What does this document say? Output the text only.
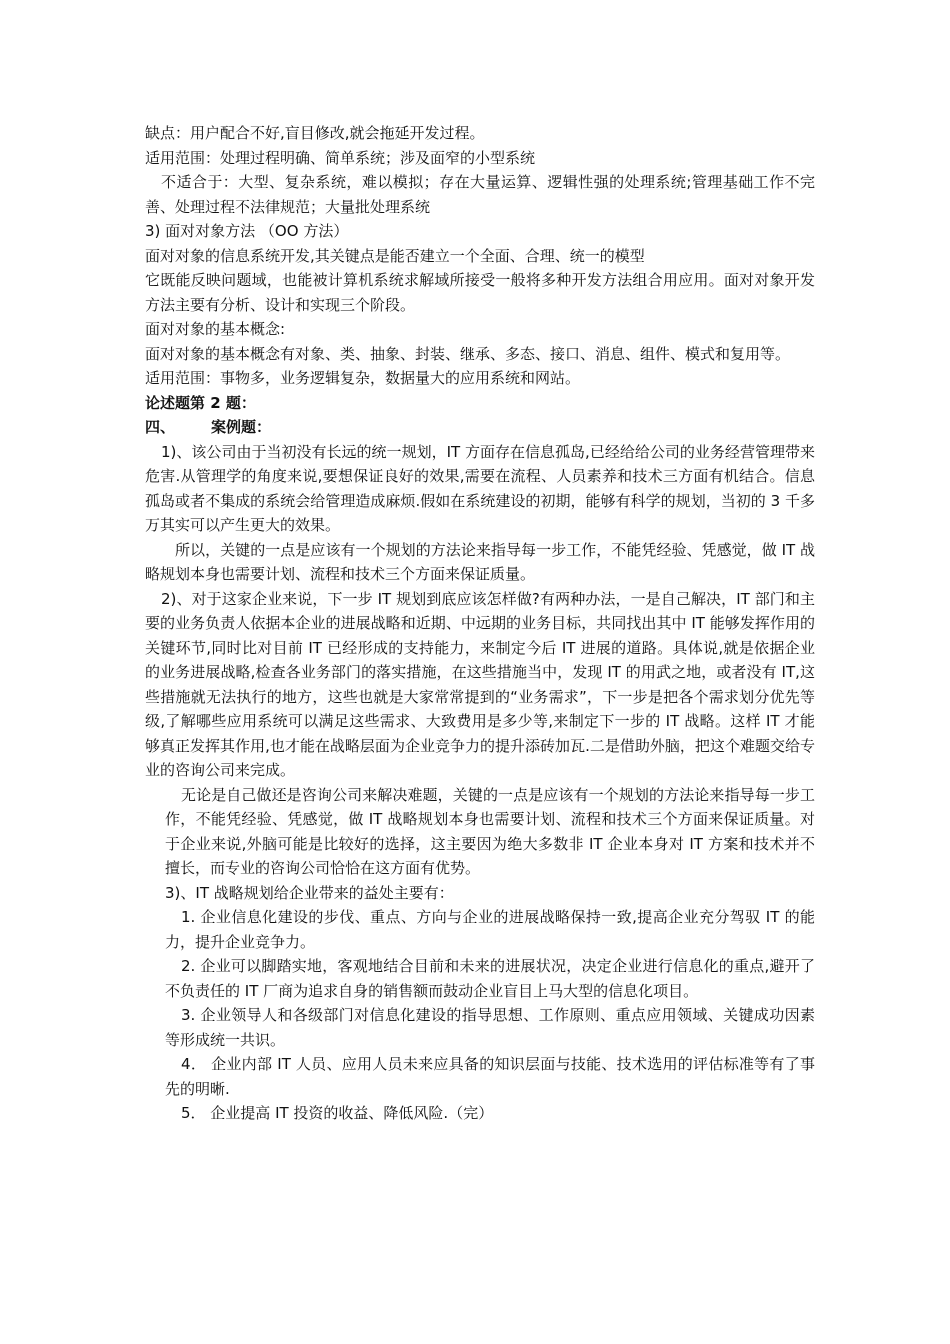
缺点：用户配合不好,盲目修改,就会拖延开发过程。

适用范围：处理过程明确、简单系统；涉及面窄的小型系统

不适合于：大型、复杂系统，难以模拟；存在大量运算、逻辑性强的处理系统;管理基础工作不完善、处理过程不法律规范；大量批处理系统

3) 面对对象方法 （OO 方法）

面对对象的信息系统开发,其关键点是能否建立一个全面、合理、统一的模型

它既能反映问题域，也能被计算机系统求解域所接受一般将多种开发方法组合用应用。面对对象开发方法主要有分析、设计和实现三个阶段。

面对对象的基本概念:

面对对象的基本概念有对象、类、抽象、封装、继承、多态、接口、消息、组件、模式和复用等。

适用范围：事物多，业务逻辑复杂，数据量大的应用系统和网站。

论述题第 2 题：

四、	案例题：

1)、该公司由于当初没有长远的统一规划，IT 方面存在信息孤岛,已经给给公司的业务经营管理带来危害.从管理学的角度来说,要想保证良好的效果,需要在流程、人员素养和技术三方面有机结合。信息孤岛或者不集成的系统会给管理造成麻烦.假如在系统建设的初期，能够有科学的规划，当初的 3 千多万其实可以产生更大的效果。

所以，关键的一点是应该有一个规划的方法论来指导每一步工作，不能凭经验、凭感觉，做 IT 战略规划本身也需要计划、流程和技术三个方面来保证质量。

2)、对于这家企业来说，下一步 IT 规划到底应该怎样做?有两种办法，一是自己解决，IT 部门和主要的业务负责人依据本企业的进展战略和近期、中远期的业务目标，共同找出其中 IT 能够发挥作用的关键环节,同时比对目前 IT 已经形成的支持能力，来制定今后 IT 进展的道路。具体说,就是依据企业的业务进展战略,检查各业务部门的落实措施，在这些措施当中，发现 IT 的用武之地，或者没有 IT,这些措施就无法执行的地方，这些也就是大家常常提到的“业务需求”，下一步是把各个需求划分优先等级,了解哪些应用系统可以满足这些需求、大致费用是多少等,来制定下一步的 IT 战略。这样 IT 才能够真正发挥其作用,也才能在战略层面为企业竞争力的提升添砖加瓦.二是借助外脑，把这个难题交给专业的咨询公司来完成。

无论是自己做还是咨询公司来解决难题，关键的一点是应该有一个规划的方法论来指导每一步工作，不能凭经验、凭感觉，做 IT 战略规划本身也需要计划、流程和技术三个方面来保证质量。对于企业来说,外脑可能是比较好的选择，这主要因为绝大多数非 IT 企业本身对 IT 方案和技术并不擅长，而专业的咨询公司恰恰在这方面有优势。

3)、IT 战略规划给企业带来的益处主要有：

1. 企业信息化建设的步伐、重点、方向与企业的进展战略保持一致,提高企业充分驾驭 IT 的能力，提升企业竞争力。

2. 企业可以脚踏实地，客观地结合目前和未来的进展状况，决定企业进行信息化的重点,避开了不负责任的 IT 厂商为追求自身的销售额而鼓动企业盲目上马大型的信息化项目。

3. 企业领导人和各级部门对信息化建设的指导思想、工作原则、重点应用领域、关键成功因素等形成统一共识。

4． 企业内部 IT 人员、应用人员未来应具备的知识层面与技能、技术选用的评估标准等有了事先的明晰.

5． 企业提高 IT 投资的收益、降低风险.（完）
